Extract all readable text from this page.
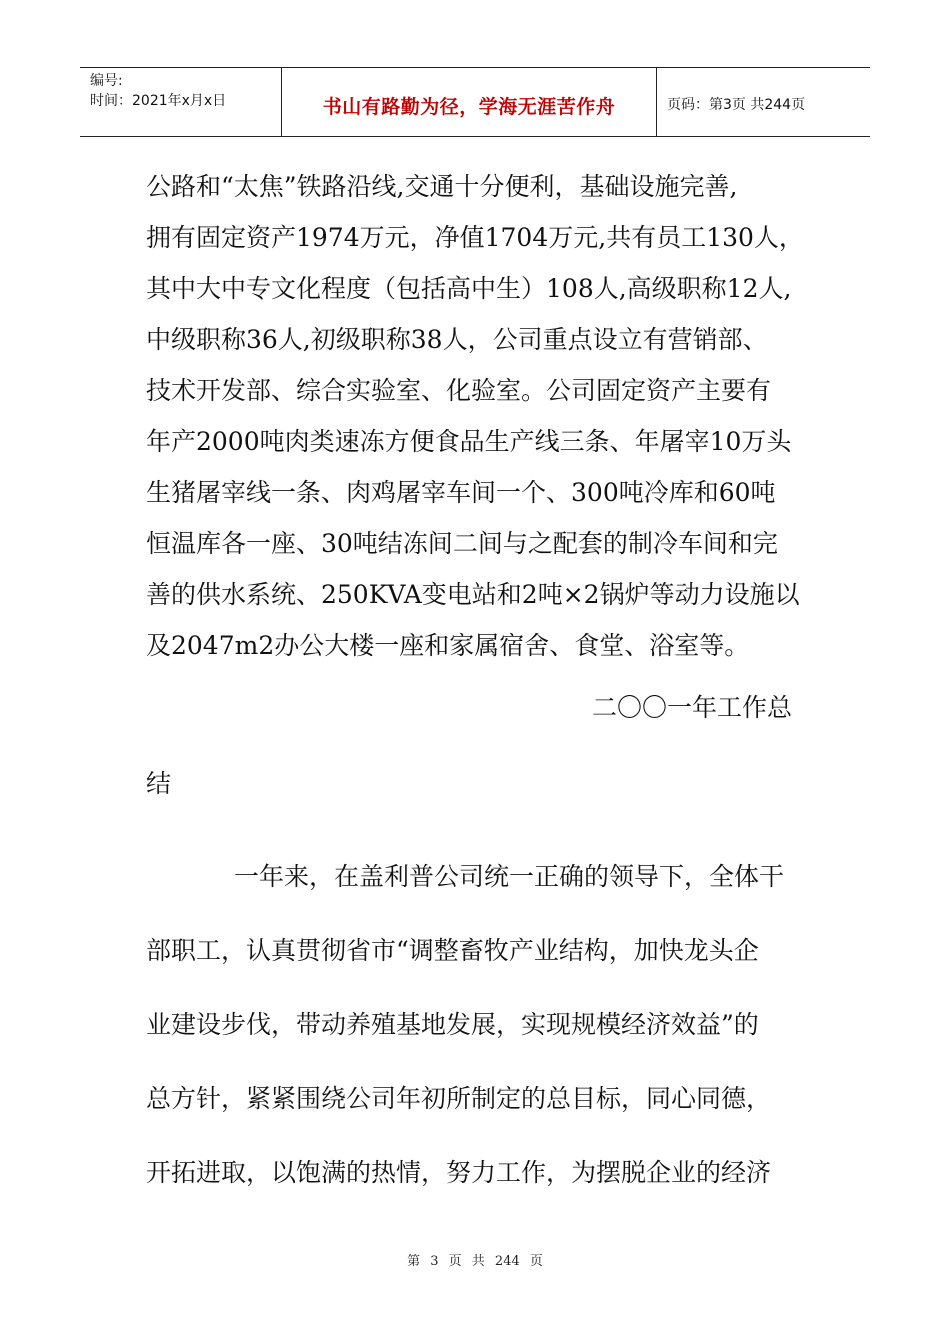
编号:
时间：2021年x月x日	书山有路勤为径，学海无涯苦作舟	页码：第3页 共244页
公路和“太焦”铁路沿线,交通十分便利，基础设施完善,
拥有固定资产1974万元，净值1704万元,共有员工130人，
其中大中专文化程度（包括高中生）108人,高级职称12人,
中级职称36人,初级职称38人，公司重点设立有营销部、
技术开发部、综合实验室、化验室。公司固定资产主要有
年产2000吨肉类速冻方便食品生产线三条、年屠宰10万头
生猪屠宰线一条、肉鸡屠宰车间一个、300吨冷库和60吨
恒温库各一座、30吨结冻间二间与之配套的制冷车间和完
善的供水系统、250KVA变电站和2吨×2锅炉等动力设施以
及2047m2办公大楼一座和家属宿舍、食堂、浴室等。
二〇〇一年工作总
结
一年来，在盖利普公司统一正确的领导下，全体干
部职工，认真贯彻省市“调整畜牧产业结构，加快龙头企
业建设步伐，带动养殖基地发展，实现规模经济效益”的
总方针，紧紧围绕公司年初所制定的总目标，同心同德，
开拓进取，以饱满的热情，努力工作，为摆脱企业的经济
第 3 页 共 244 页
